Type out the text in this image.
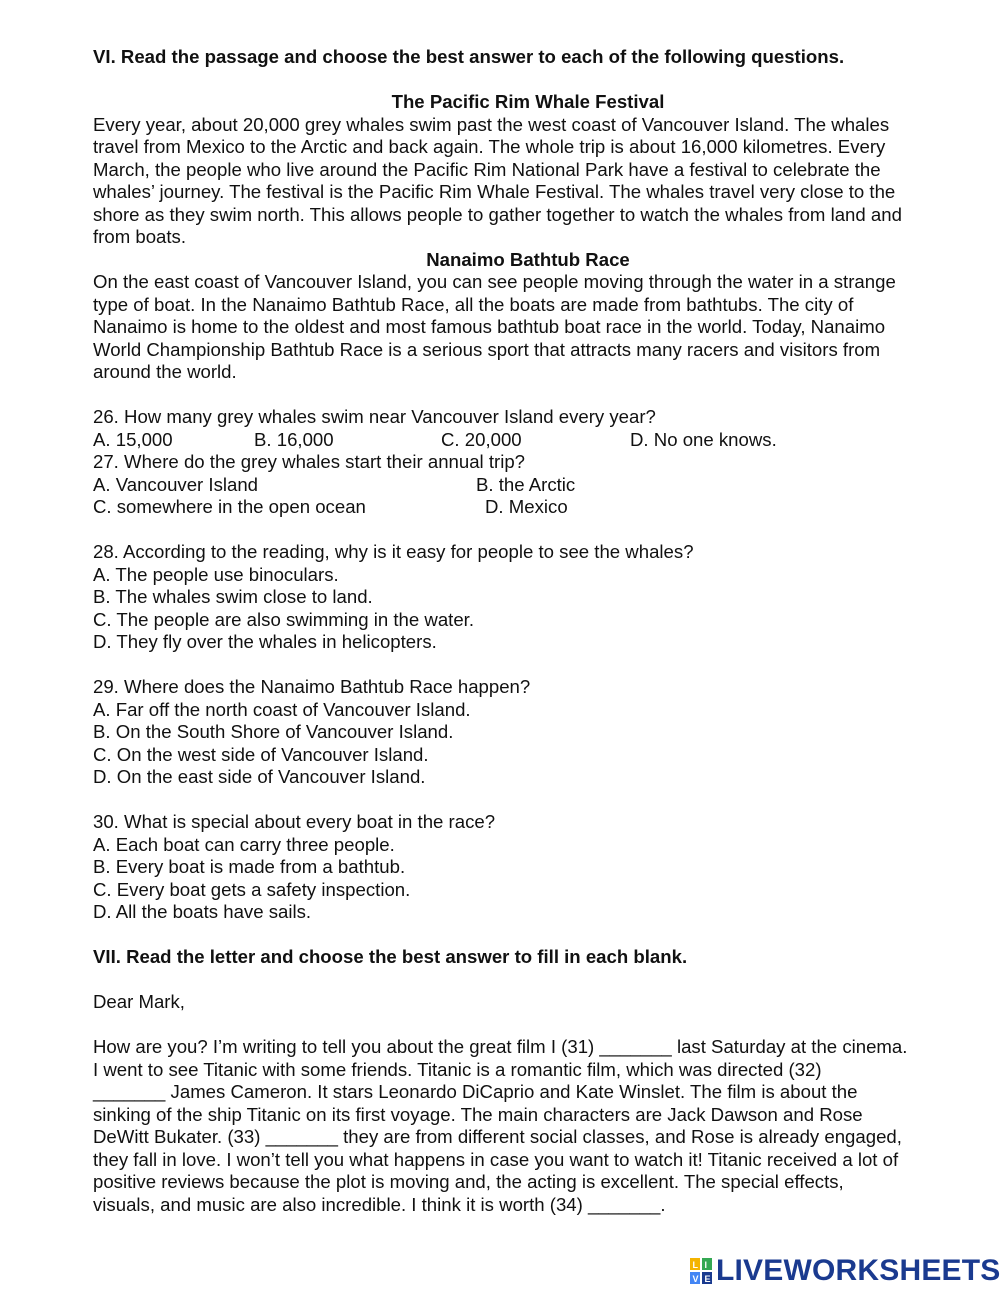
VI. Read the passage and choose the best answer to each of the following questions.

The Pacific Rim Whale Festival

Every year, about 20,000 grey whales swim past the west coast of Vancouver Island. The whales

travel from Mexico to the Arctic and back again. The whole trip is about 16,000 kilometres. Every

March, the people who live around the Pacific Rim National Park have a festival to celebrate the

whales’ journey. The festival is the Pacific Rim Whale Festival. The whales travel very close to the

shore as they swim north. This allows people to gather together to watch the whales from land and

from boats.

Nanaimo Bathtub Race

On the east coast of Vancouver Island, you can see people moving through the water in a strange

type of boat. In the Nanaimo Bathtub Race, all the boats are made from bathtubs. The city of

Nanaimo is home to the oldest and most famous bathtub boat race in the world. Today, Nanaimo

World Championship Bathtub Race is a serious sport that attracts many racers and visitors from

around the world.

26. How many grey whales swim near Vancouver Island every year?

A. 15,000	B. 16,000	C. 20,000	D. No one knows.

27. Where do the grey whales start their annual trip?

A. Vancouver Island	B. the Arctic
C. somewhere in the open ocean	D. Mexico

28. According to the reading, why is it easy for people to see the whales?

A. The people use binoculars.

B. The whales swim close to land.

C. The people are also swimming in the water.

D. They fly over the whales in helicopters.

29. Where does the Nanaimo Bathtub Race happen?

A. Far off the north coast of Vancouver Island.

B. On the South Shore of Vancouver Island.

C. On the west side of Vancouver Island.

D. On the east side of Vancouver Island.

30. What is special about every boat in the race?

A. Each boat can carry three people.

B. Every boat is made from a bathtub.

C. Every boat gets a safety inspection.

D. All the boats have sails.

VII. Read the letter and choose the best answer to fill in each blank.

Dear Mark,

How are you? I’m writing to tell you about the great film I (31) _______ last Saturday at the cinema.

I went to see Titanic with some friends. Titanic is a romantic film, which was directed (32)

_______ James Cameron. It stars Leonardo DiCaprio and Kate Winslet. The film is about the

sinking of the ship Titanic on its first voyage. The main characters are Jack Dawson and Rose

DeWitt Bukater. (33) _______ they are from different social classes, and Rose is already engaged,

they fall in love. I won’t tell you what happens in case you want to watch it! Titanic received a lot of

positive reviews because the plot is moving and, the acting is excellent. The special effects,

visuals, and music are also incredible. I think it is worth (34) _______.

L I
V E LIVEWORKSHEETS
